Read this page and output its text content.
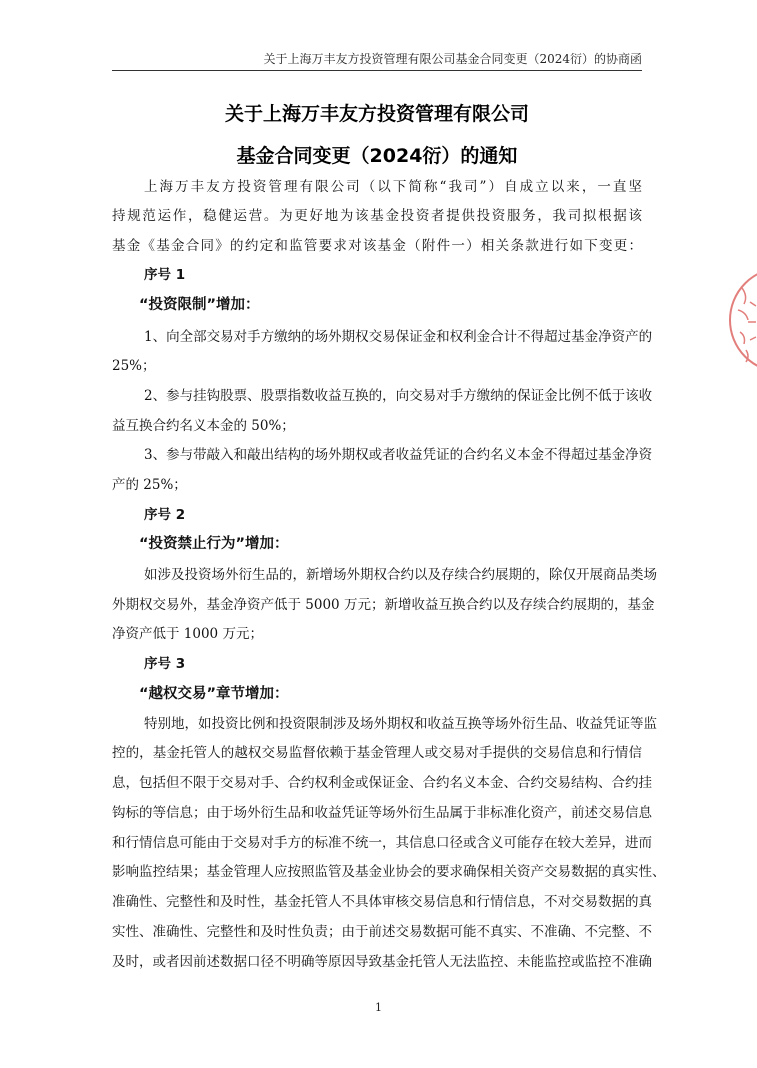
关于上海万丰友方投资管理有限公司基金合同变更（2024衍）的协商函
关于上海万丰友方投资管理有限公司
基金合同变更（2024衍）的通知
上海万丰友方投资管理有限公司（以下简称“我司”）自成立以来，一直坚
持规范运作，稳健运营。为更好地为该基金投资者提供投资服务，我司拟根据该
基金《基金合同》的约定和监管要求对该基金（附件一）相关条款进行如下变更：
序号 1
“投资限制”增加：
1、向全部交易对手方缴纳的场外期权交易保证金和权利金合计不得超过基金净资产的
25%；
2、参与挂钩股票、股票指数收益互换的，向交易对手方缴纳的保证金比例不低于该收
益互换合约名义本金的 50%；
3、参与带敲入和敲出结构的场外期权或者收益凭证的合约名义本金不得超过基金净资
产的 25%；
序号 2
“投资禁止行为”增加：
如涉及投资场外衍生品的，新增场外期权合约以及存续合约展期的，除仅开展商品类场
外期权交易外，基金净资产低于 5000 万元；新增收益互换合约以及存续合约展期的，基金
净资产低于 1000 万元；
序号 3
“越权交易”章节增加：
特别地，如投资比例和投资限制涉及场外期权和收益互换等场外衍生品、收益凭证等监
控的，基金托管人的越权交易监督依赖于基金管理人或交易对手提供的交易信息和行情信
息，包括但不限于交易对手、合约权利金或保证金、合约名义本金、合约交易结构、合约挂
钩标的等信息；由于场外衍生品和收益凭证等场外衍生品属于非标准化资产，前述交易信息
和行情信息可能由于交易对手方的标准不统一，其信息口径或含义可能存在较大差异，进而
影响监控结果；基金管理人应按照监管及基金业协会的要求确保相关资产交易数据的真实性、
准确性、完整性和及时性，基金托管人不具体审核交易信息和行情信息，不对交易数据的真
实性、准确性、完整性和及时性负责；由于前述交易数据可能不真实、不准确、不完整、不
及时，或者因前述数据口径不明确等原因导致基金托管人无法监控、未能监控或监控不准确
1
